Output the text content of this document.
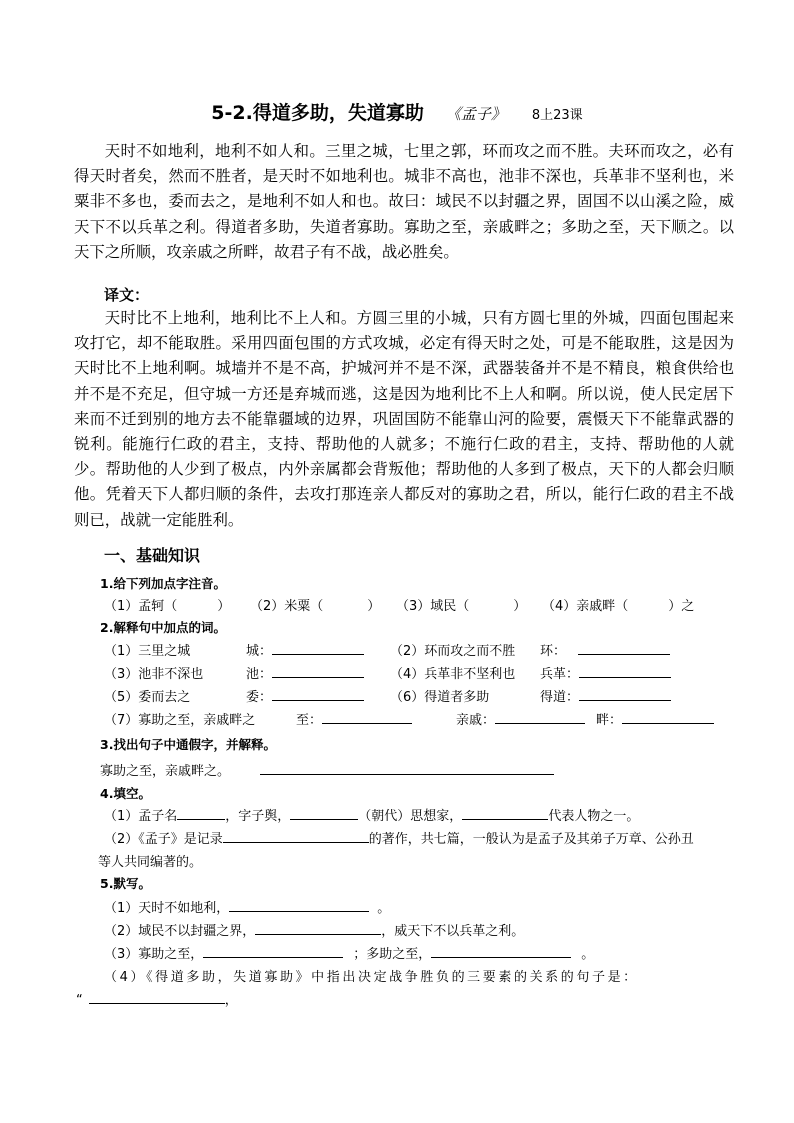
5-2.得道多助，失道寡助 《孟子》 8上23课

天时不如地利，地利不如人和。三里之城，七里之郭，环而攻之而不胜。夫环而攻之，必有得天时者矣，然而不胜者，是天时不如地利也。城非不高也，池非不深也，兵革非不坚利也，米粟非不多也，委而去之，是地利不如人和也。故曰：域民不以封疆之界，固国不以山溪之险，威天下不以兵革之利。得道者多助，失道者寡助。寡助之至，亲戚畔之；多助之至，天下顺之。以天下之所顺，攻亲戚之所畔，故君子有不战，战必胜矣。

译文：

天时比不上地利，地利比不上人和。方圆三里的小城，只有方圆七里的外城，四面包围起来攻打它，却不能取胜。采用四面包围的方式攻城，必定有得天时之处，可是不能取胜，这是因为天时比不上地利啊。城墙并不是不高，护城河并不是不深，武器装备并不是不精良，粮食供给也并不是不充足，但守城一方还是弃城而逃，这是因为地利比不上人和啊。所以说，使人民定居下来而不迁到别的地方去不能靠疆域的边界，巩固国防不能靠山河的险要，震慑天下不能靠武器的锐利。能施行仁政的君主，支持、帮助他的人就多；不施行仁政的君主，支持、帮助他的人就少。帮助他的人少到了极点，内外亲属都会背叛他；帮助他的人多到了极点，天下的人都会归顺他。凭着天下人都归顺的条件，去攻打那连亲人都反对的寡助之君，所以，能行仁政的君主不战则已，战就一定能胜利。

一、基础知识
1.给下列加点字注音。
（1）孟轲（	） （2）米粟（	） （3）域民（	） （4）亲戚畔（	）之
2.解释句中加点的词。
（1）三里之城	城：	（2）环而攻之而不胜 环：
（3）池非不深也	池：	（4）兵革非不坚利也 兵革：
（5）委而去之	委：	（6）得道者多助	得道：
（7）寡助之至，亲戚畔之	至：	亲戚：	畔：
3.找出句子中通假字，并解释。
寡助之至，亲戚畔之。
4.填空。
（1）孟子名	，字子舆，	（朝代）思想家，	代表人物之一。
（2）《孟子》是记录	的著作，共七篇，一般认为是孟子及其弟子万章、公孙丑
等人共同编著的。
5.默写。
（1）天时不如地利，	。
（2）域民不以封疆之界，	，威天下不以兵革之利。
（3）寡助之至，	；多助之至，	。
（4）《得道多助，失道寡助》中指出决定战争胜负的三要素的关系的句子是：
“	，
